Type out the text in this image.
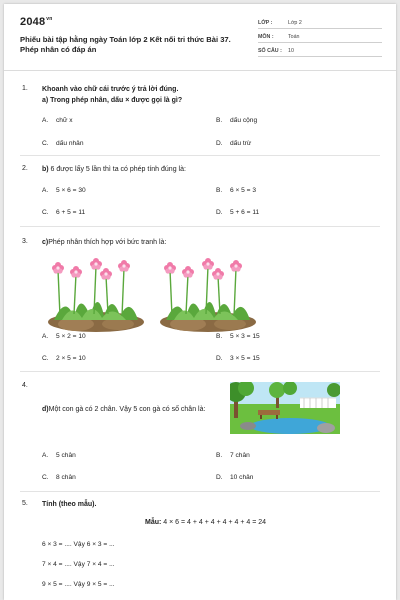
$2048^{vn}$
Phiếu bài tập hằng ngày Toán lớp 2 Kết nối tri thức Bài 37. Phép nhân có đáp án
LỚP :	Lớp 2
MÔN :	Toán
SỐ CÂU : 10
1. Khoanh vào chữ cái trước ý trả lời đúng.
a) Trong phép nhân, dấu × được gọi là gì?
A. chữ x	B. dấu cộng
C. dấu nhân	D. dấu trừ
2. b) 6 được lấy 5 lần thì ta có phép tính đúng là:
A. 5 × 6 = 30	B. 6 × 5 = 3
C. 6 + 5 = 11	D. 5 + 6 = 11
3. c)Phép nhân thích hợp với bức tranh là:
A. 5 × 2 = 10	B. 5 × 3 = 15
C. 2 × 5 = 10	D. 3 × 5 = 15
4.
d)Một con gà có 2 chân. Vậy 5 con gà có số chân là:
A. 5 chân	B. 7 chân
C. 8 chân	D. 10 chân
5. Tính (theo mẫu).
Mẫu: 4 × 6 = 4 + 4 + 4 + 4 + 4 + 4 = 24
6 × 3 = .... Vậy 6 × 3 = ...
7 × 4 = .... Vậy 7 × 4 = ...
9 × 5 = .... Vậy 9 × 5 = ...
